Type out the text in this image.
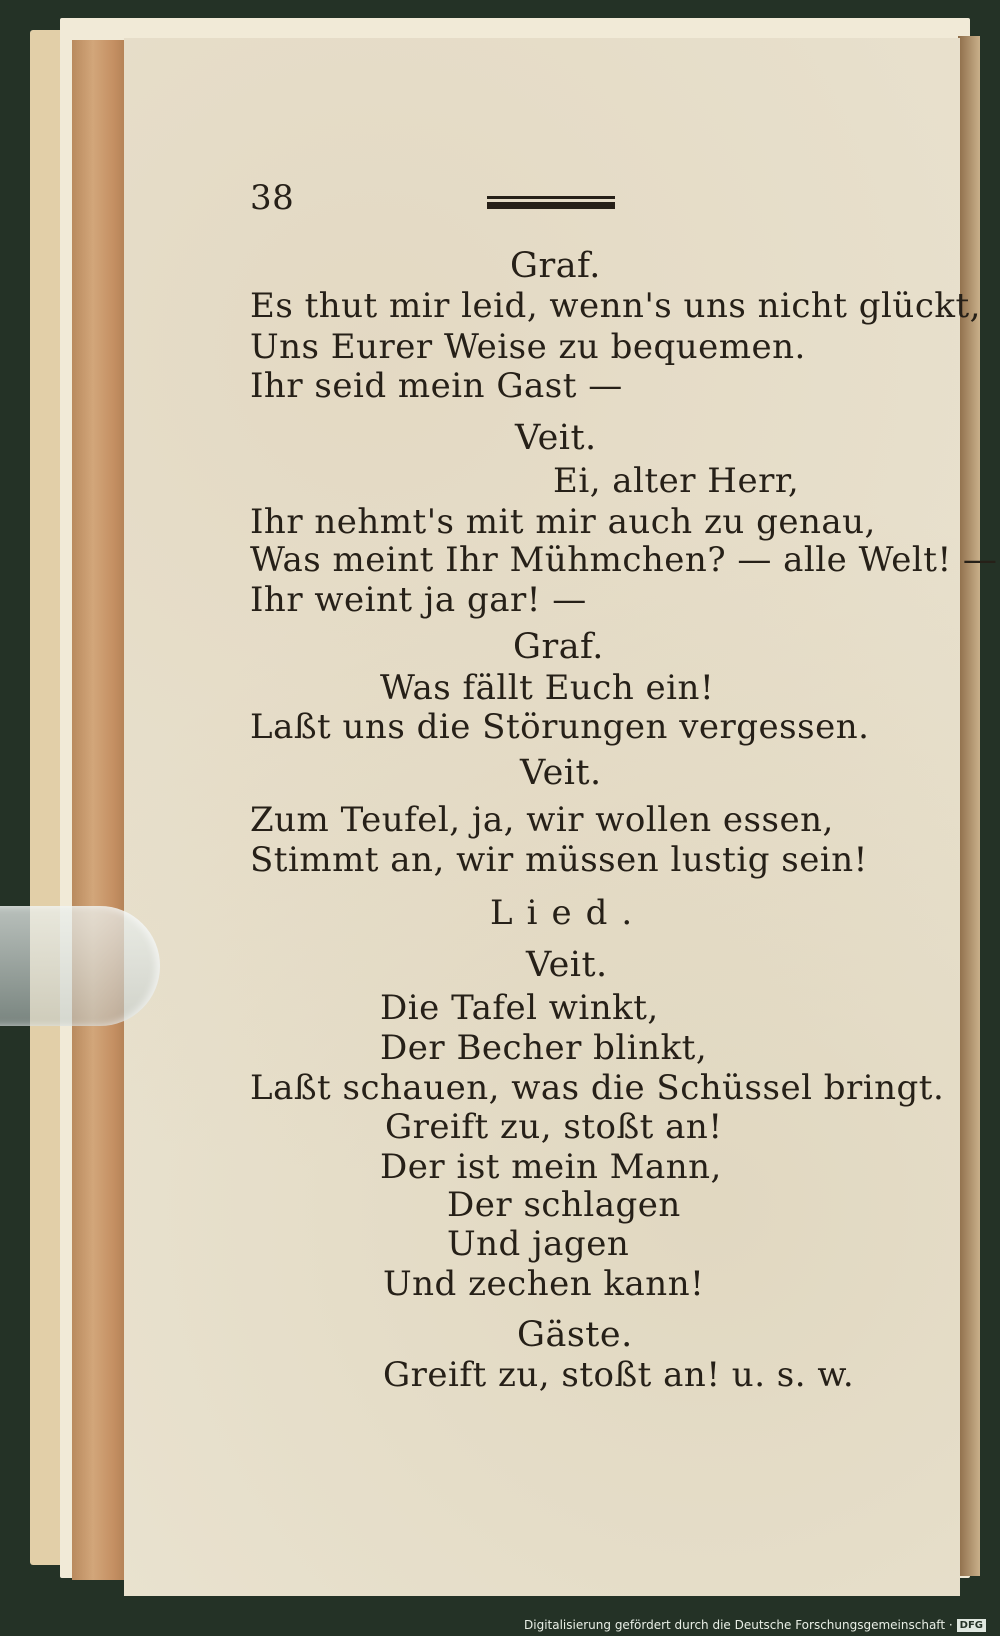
38
Graf.
Es thut mir leid, wenn's uns nicht glückt,
Uns Eurer Weise zu bequemen.
Ihr seid mein Gast —
Veit.
Ei, alter Herr,
Ihr nehmt's mit mir auch zu genau,
Was meint Ihr Mühmchen? — alle Welt! —
Ihr weint ja gar! —
Graf.
Was fällt Euch ein!
Laßt uns die Störungen vergessen.
Veit.
Zum Teufel, ja, wir wollen essen,
Stimmt an, wir müssen lustig sein!
Lied.
Veit.
Die Tafel winkt,
Der Becher blinkt,
Laßt schauen, was die Schüssel bringt.
Greift zu, stoßt an!
Der ist mein Mann,
Der schlagen
Und jagen
Und zechen kann!
Gäste.
Greift zu, stoßt an! u. s. w.
Digitalisierung gefördert durch die Deutsche Forschungsgemeinschaft · DFG
